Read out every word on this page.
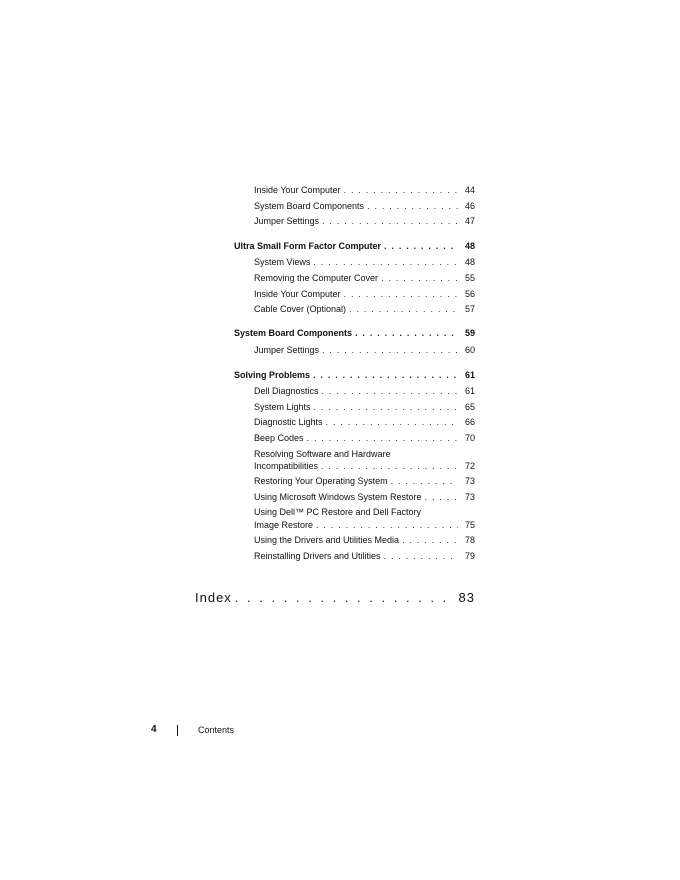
Inside Your Computer . . .	44
System Board Components . . .	46
Jumper Settings . . .	47
Ultra Small Form Factor Computer . . .	48
System Views . . .	48
Removing the Computer Cover . . .	55
Inside Your Computer . . .	56
Cable Cover (Optional) . . .	57
System Board Components . . .	59
Jumper Settings . . .	60
Solving Problems . . .	61
Dell Diagnostics . . .	61
System Lights . . .	65
Diagnostic Lights . . .	66
Beep Codes . . .	70
Resolving Software and Hardware
Incompatibilities . . .	72
Restoring Your Operating System . . .	73
Using Microsoft Windows System Restore . . .	73
Using Dell™ PC Restore and Dell Factory
Image Restore . . .	75
Using the Drivers and Utilities Media . . .	78
Reinstalling Drivers and Utilities . . .	79
Index . . .	83
4	Contents
